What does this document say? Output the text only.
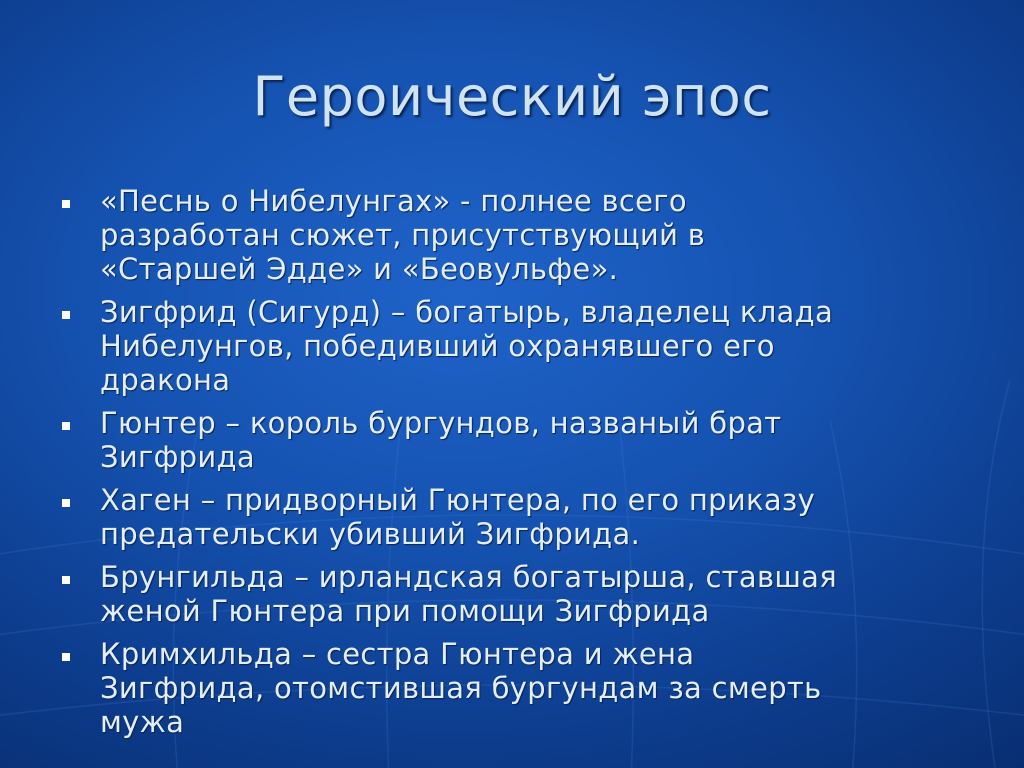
Героический эпос
«Песнь о Нибелунгах» - полнее всего
разработан сюжет, присутствующий в
«Старшей Эдде» и «Беовульфе».
Зигфрид (Сигурд) – богатырь, владелец клада
Нибелунгов, победивший охранявшего его
дракона
Гюнтер – король бургундов, названый брат
Зигфрида
Хаген – придворный Гюнтера, по его приказу
предательски убивший Зигфрида.
Брунгильда – ирландская богатырша, ставшая
женой Гюнтера при помощи Зигфрида
Кримхильда – сестра Гюнтера и жена
Зигфрида, отомстившая бургундам за смерть
мужа
